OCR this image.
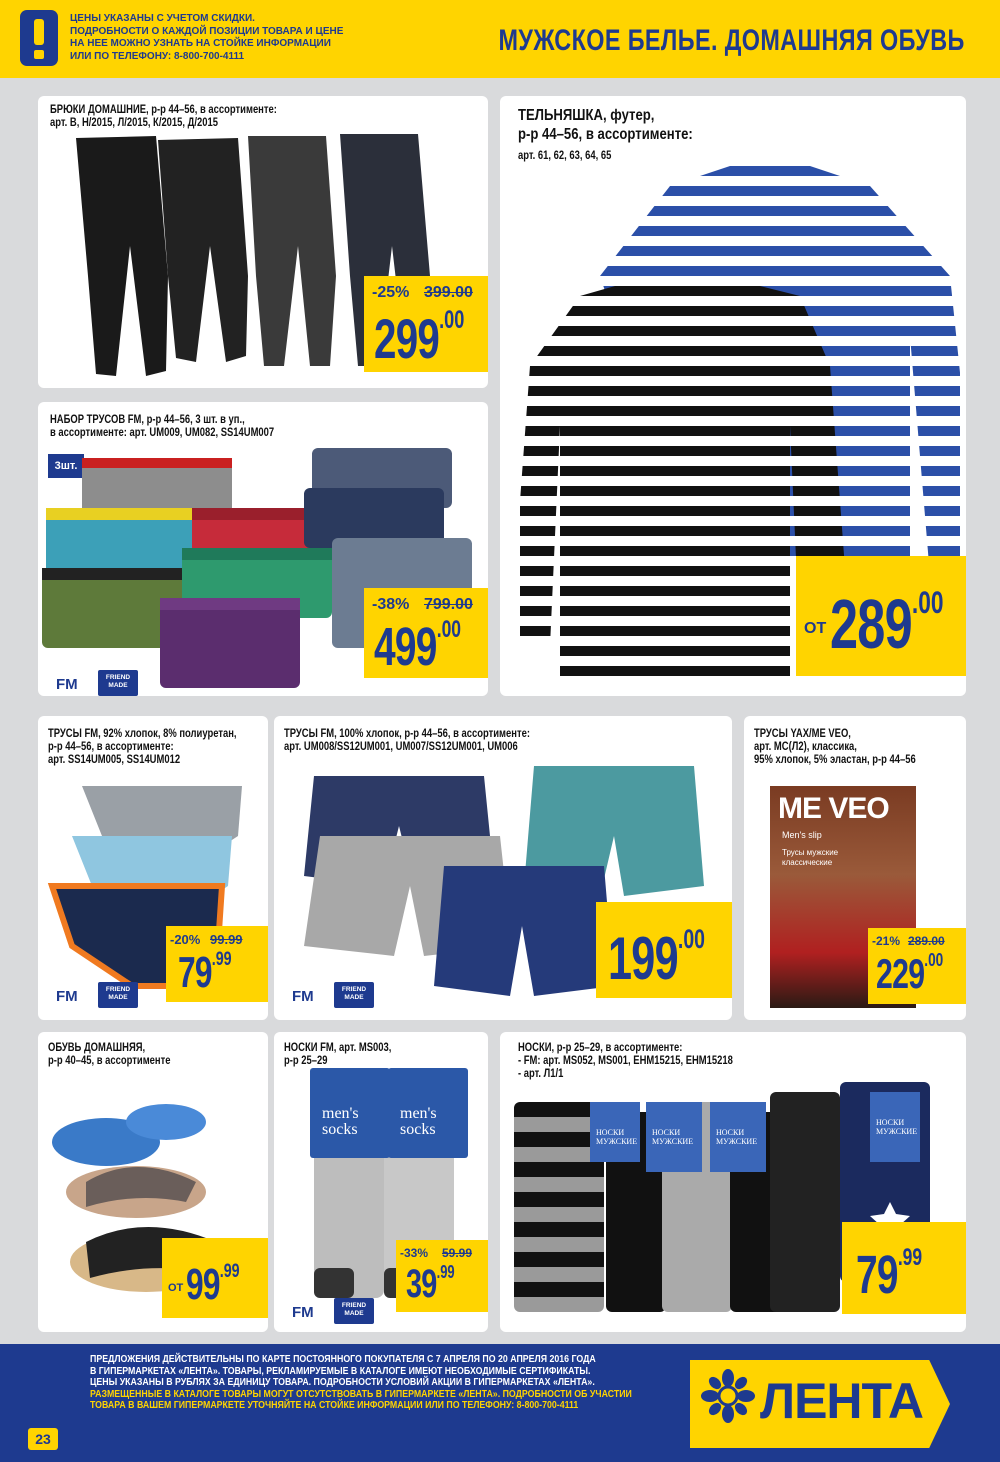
ЦЕНЫ УКАЗАНЫ С УЧЕТОМ СКИДКИ.
ПОДРОБНОСТИ О КАЖДОЙ ПОЗИЦИИ ТОВАРА И ЦЕНЕ
НА НЕЕ МОЖНО УЗНАТЬ НА СТОЙКЕ ИНФОРМАЦИИ
ИЛИ ПО ТЕЛЕФОНУ: 8-800-700-4111	МУЖСКОЕ БЕЛЬЕ. ДОМАШНЯЯ ОБУВЬ
БРЮКИ ДОМАШНИЕ, р-р 44–56, в ассортименте:
арт. В, Н/2015, Л/2015, К/2015, Д/2015
-25% 399.00
$299^{.00}$
ТЕЛЬНЯШКА, футер,
р-р 44–56, в ассортименте:
арт. 61, 62, 63, 64, 65
ОТ $289^{.00}$
НАБОР ТРУСОВ FM, р-р 44–56, 3 шт. в уп.,
в ассортименте: арт. UM009, UM082, SS14UM007
3шт.
-38% 799.00
$499^{.00}$
FM	FRIEND MADE
ТРУСЫ FM, 92% хлопок, 8% полиуретан,
р-р 44–56, в ассортименте:
арт. SS14UM005, SS14UM012
-20% 99.99
$79^{.99}$
FM	FRIEND MADE
ТРУСЫ FM, 100% хлопок, р-р 44–56, в ассортименте:
арт. UM008/SS12UM001, UM007/SS12UM001, UM006
$199^{.00}$
FM	FRIEND MADE
ТРУСЫ YAX/ME VEO,
арт. МС(Л2), классика,
95% хлопок, 5% эластан, р-р 44–56
ME VEO
Men's slip
Трусы мужские классические
-21% 289.00
$229^{.00}$
ОБУВЬ ДОМАШНЯЯ,
р-р 40–45, в ассортименте
ОТ $99^{.99}$
НОСКИ FM, арт. MS003,
р-р 25–29
men's socks
men's socks
-33% 59.99
$39^{.99}$
FM	FRIEND MADE
НОСКИ, р-р 25–29, в ассортименте:
- FM: арт. MS052, MS001, EHM15215, EHM15218
- арт. Л1/1
НОСКИ МУЖСКИЕ
НОСКИ МУЖСКИЕ
НОСКИ МУЖСКИЕ
НОСКИ МУЖСКИЕ
$79^{.99}$
23
ПРЕДЛОЖЕНИЯ ДЕЙСТВИТЕЛЬНЫ ПО КАРТЕ ПОСТОЯННОГО ПОКУПАТЕЛЯ С 7 АПРЕЛЯ ПО 20 АПРЕЛЯ 2016 ГОДА
В ГИПЕРМАРКЕТАХ «ЛЕНТА». ТОВАРЫ, РЕКЛАМИРУЕМЫЕ В КАТАЛОГЕ ИМЕЮТ НЕОБХОДИМЫЕ СЕРТИФИКАТЫ.
ЦЕНЫ УКАЗАНЫ В РУБЛЯХ ЗА ЕДИНИЦУ ТОВАРА. ПОДРОБНОСТИ УСЛОВИЙ АКЦИИ В ГИПЕРМАРКЕТАХ «ЛЕНТА».
РАЗМЕЩЕННЫЕ В КАТАЛОГЕ ТОВАРЫ МОГУТ ОТСУТСТВОВАТЬ В ГИПЕРМАРКЕТЕ «ЛЕНТА». ПОДРОБНОСТИ ОБ УЧАСТИИ
ТОВАРА В ВАШЕМ ГИПЕРМАРКЕТЕ УТОЧНЯЙТЕ НА СТОЙКЕ ИНФОРМАЦИИ ИЛИ ПО ТЕЛЕФОНУ: 8-800-700-4111	ЛЕНТА
